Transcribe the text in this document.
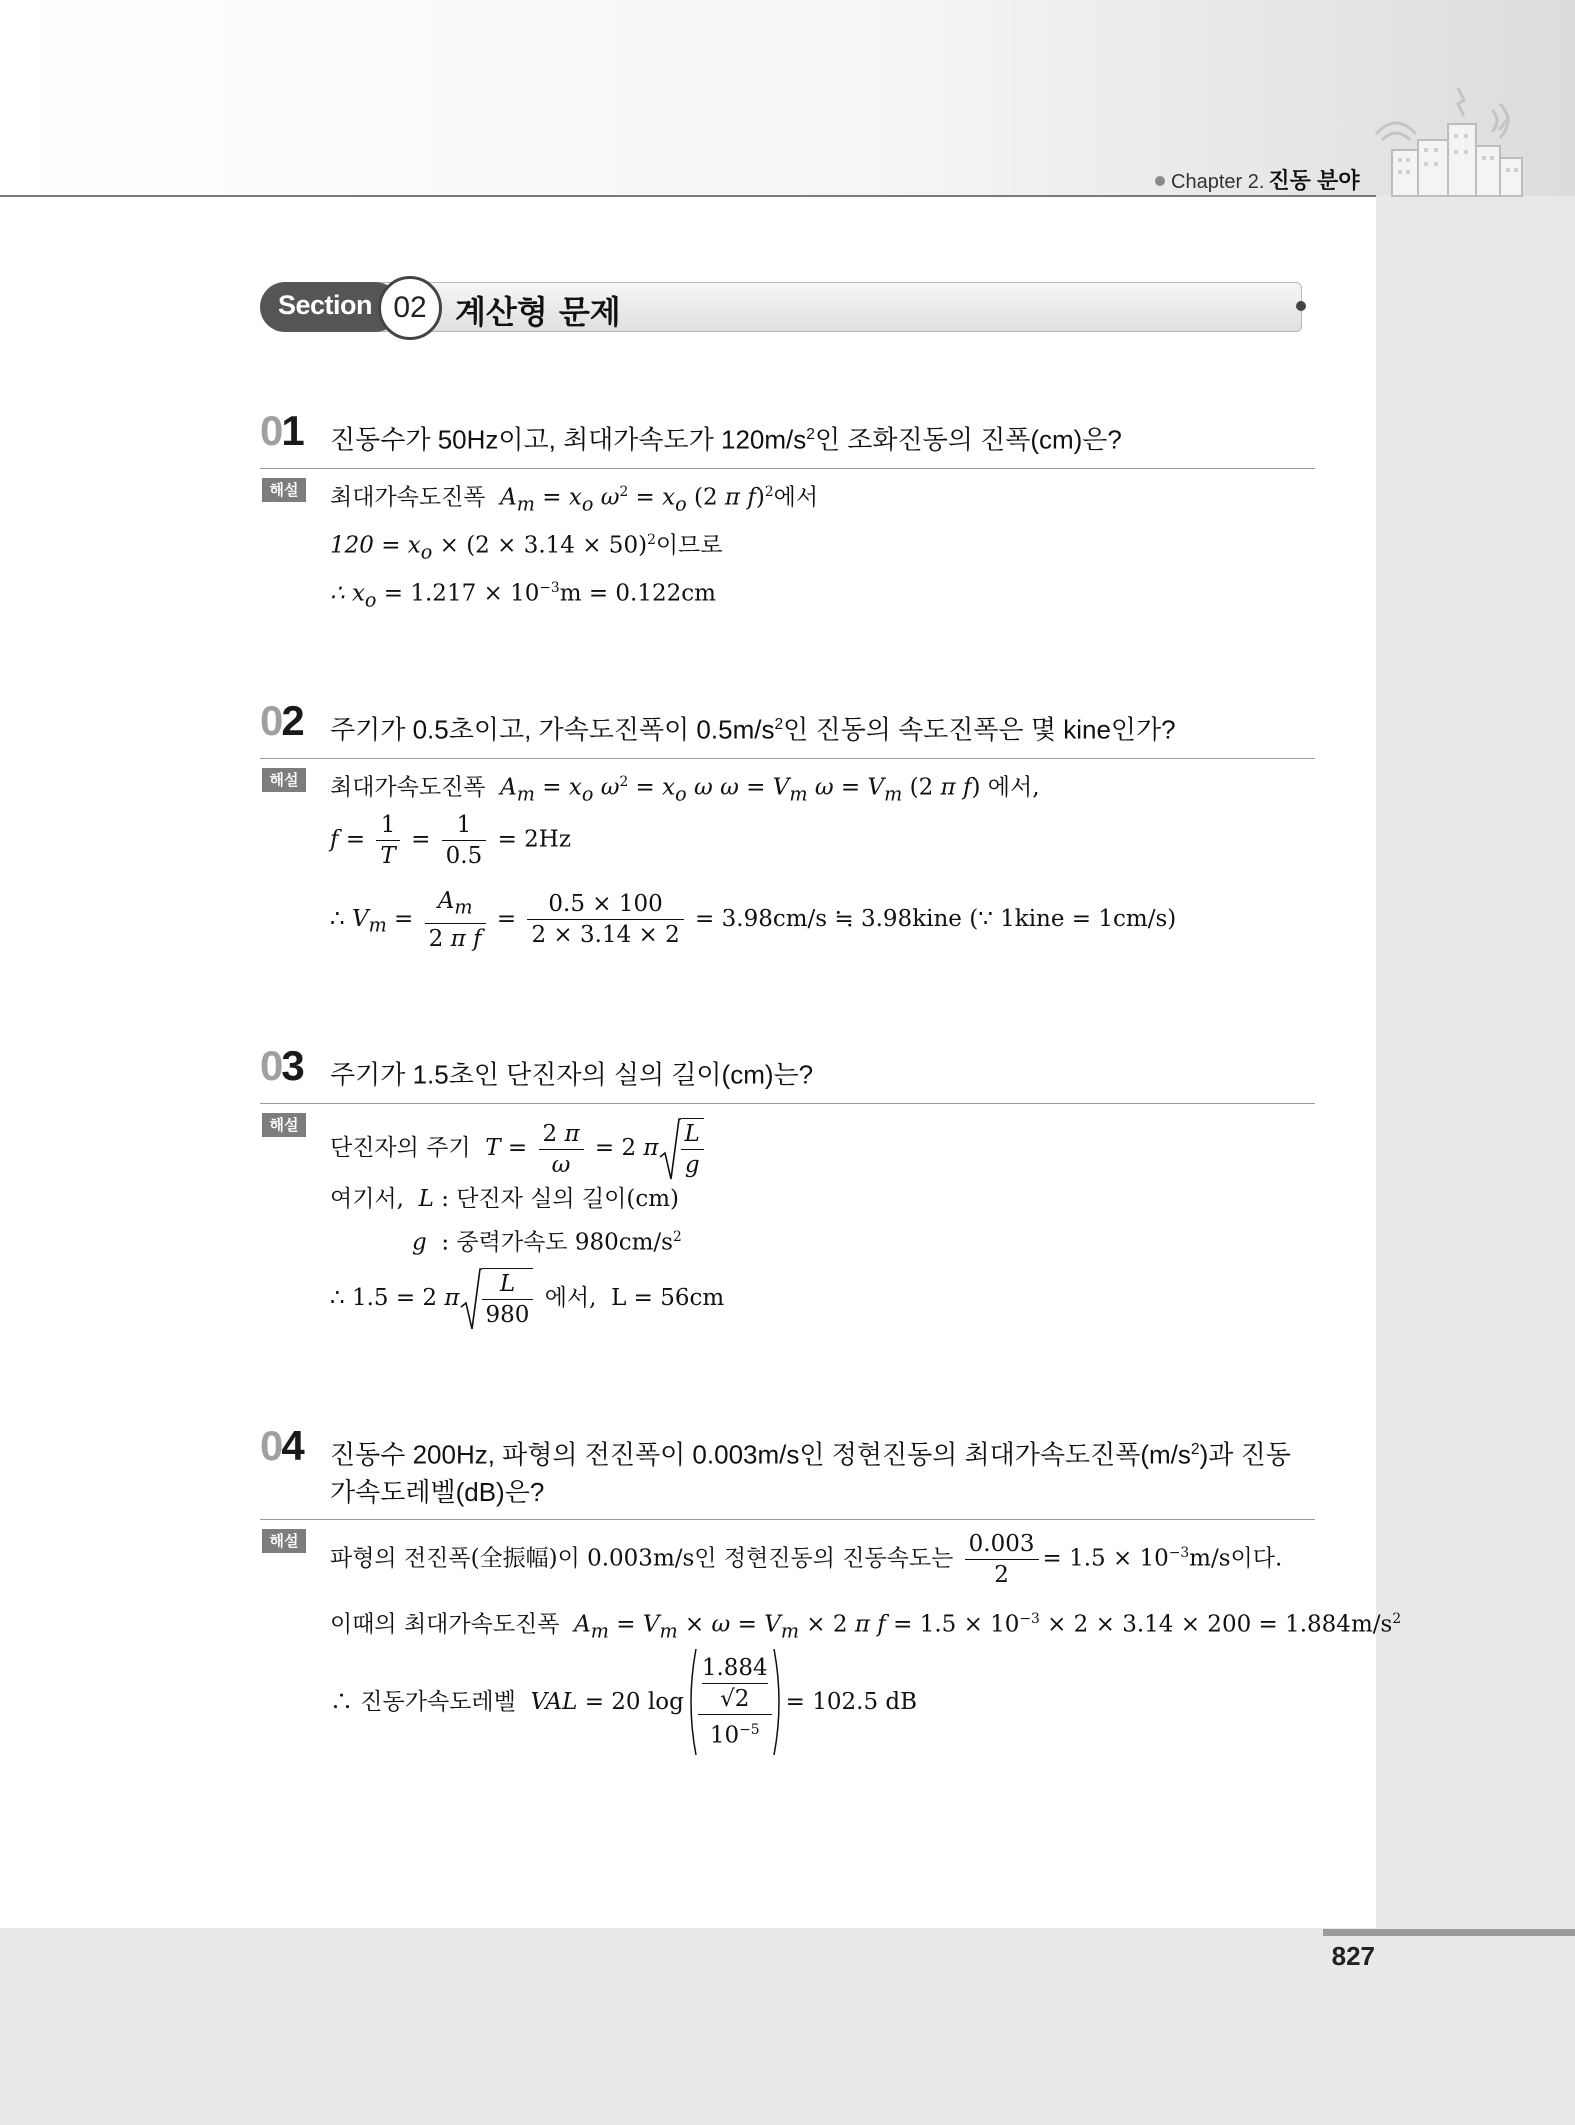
827
Chapter 2. 진동 분야
Section 02 계산형 문제
01 진동수가 50Hz이고, 최대가속도가 $120m/s^2$인 조화진동의 진폭(cm)은?
해설	최대가속도진폭 $A_m = x_o$ $\omega^2 = x_o$ (2 π f)$^2$에서
$120 = x_o \times (2 \times 3.14 \times 50)^2$이므로
∴ $x_o = 1.217 \times 10^{-3}m = 0.122cm$
02 주기가 0.5초이고, 가속도진폭이 $0.5m/s^2$인 진동의 속도진폭은 몇 kine인가?
해설	최대가속도진폭 $A_m = x_o$ $\omega^2 = x_o$ ω $\omega = V_m$ $\omega = V_m$ (2 π f) 에서,
$f = \frac{1}{T} = \frac{1}{0.5} = 2Hz$
∴ $V_m = \frac{A_m}{\text{2 π f}} = \frac{0.5 \times 100}{2 \times 3.14 \times 2} = 3.98cm/s$ ≒ 3.98kine (∵ 1kine = 1cm/s)
03 주기가 1.5초인 단진자의 실의 길이(cm)는?
해설
단진자의 주기 $T = \frac{2 \pi}{\omega} = 2$ π $\frac{L}{g}$
여기서, L : 단진자 실의 길이(cm)
g : 중력가속도 $980cm/s^2$
∴ 1.5 = 2 π $\frac{L}{980}$ 에서, L = 56cm
04 진동수 200Hz, 파형의 전진폭이 0.003m/s인 정현진동의 최대가속도진폭$(m/s^2)$과 진동가속도레벨(dB)은?
해설
파형의 전진폭(全振幅)이 0.003m/s인 정현진동의 진동속도는 $\frac{0.003}{2} = 1.5 \times 10^{-3}m/s$이다.
이때의 최대가속도진폭 $A_m = V_m \times \omega = V_m \times 2$ π $f = 1.5 \times 10^{-3} \times 2 \times 3.14 \times 200 = 1.884m/s^2$
∴ 진동가속도레벨 VAL = 20 log 1.884
√2
$10^{-5} = 102.5$ dB
